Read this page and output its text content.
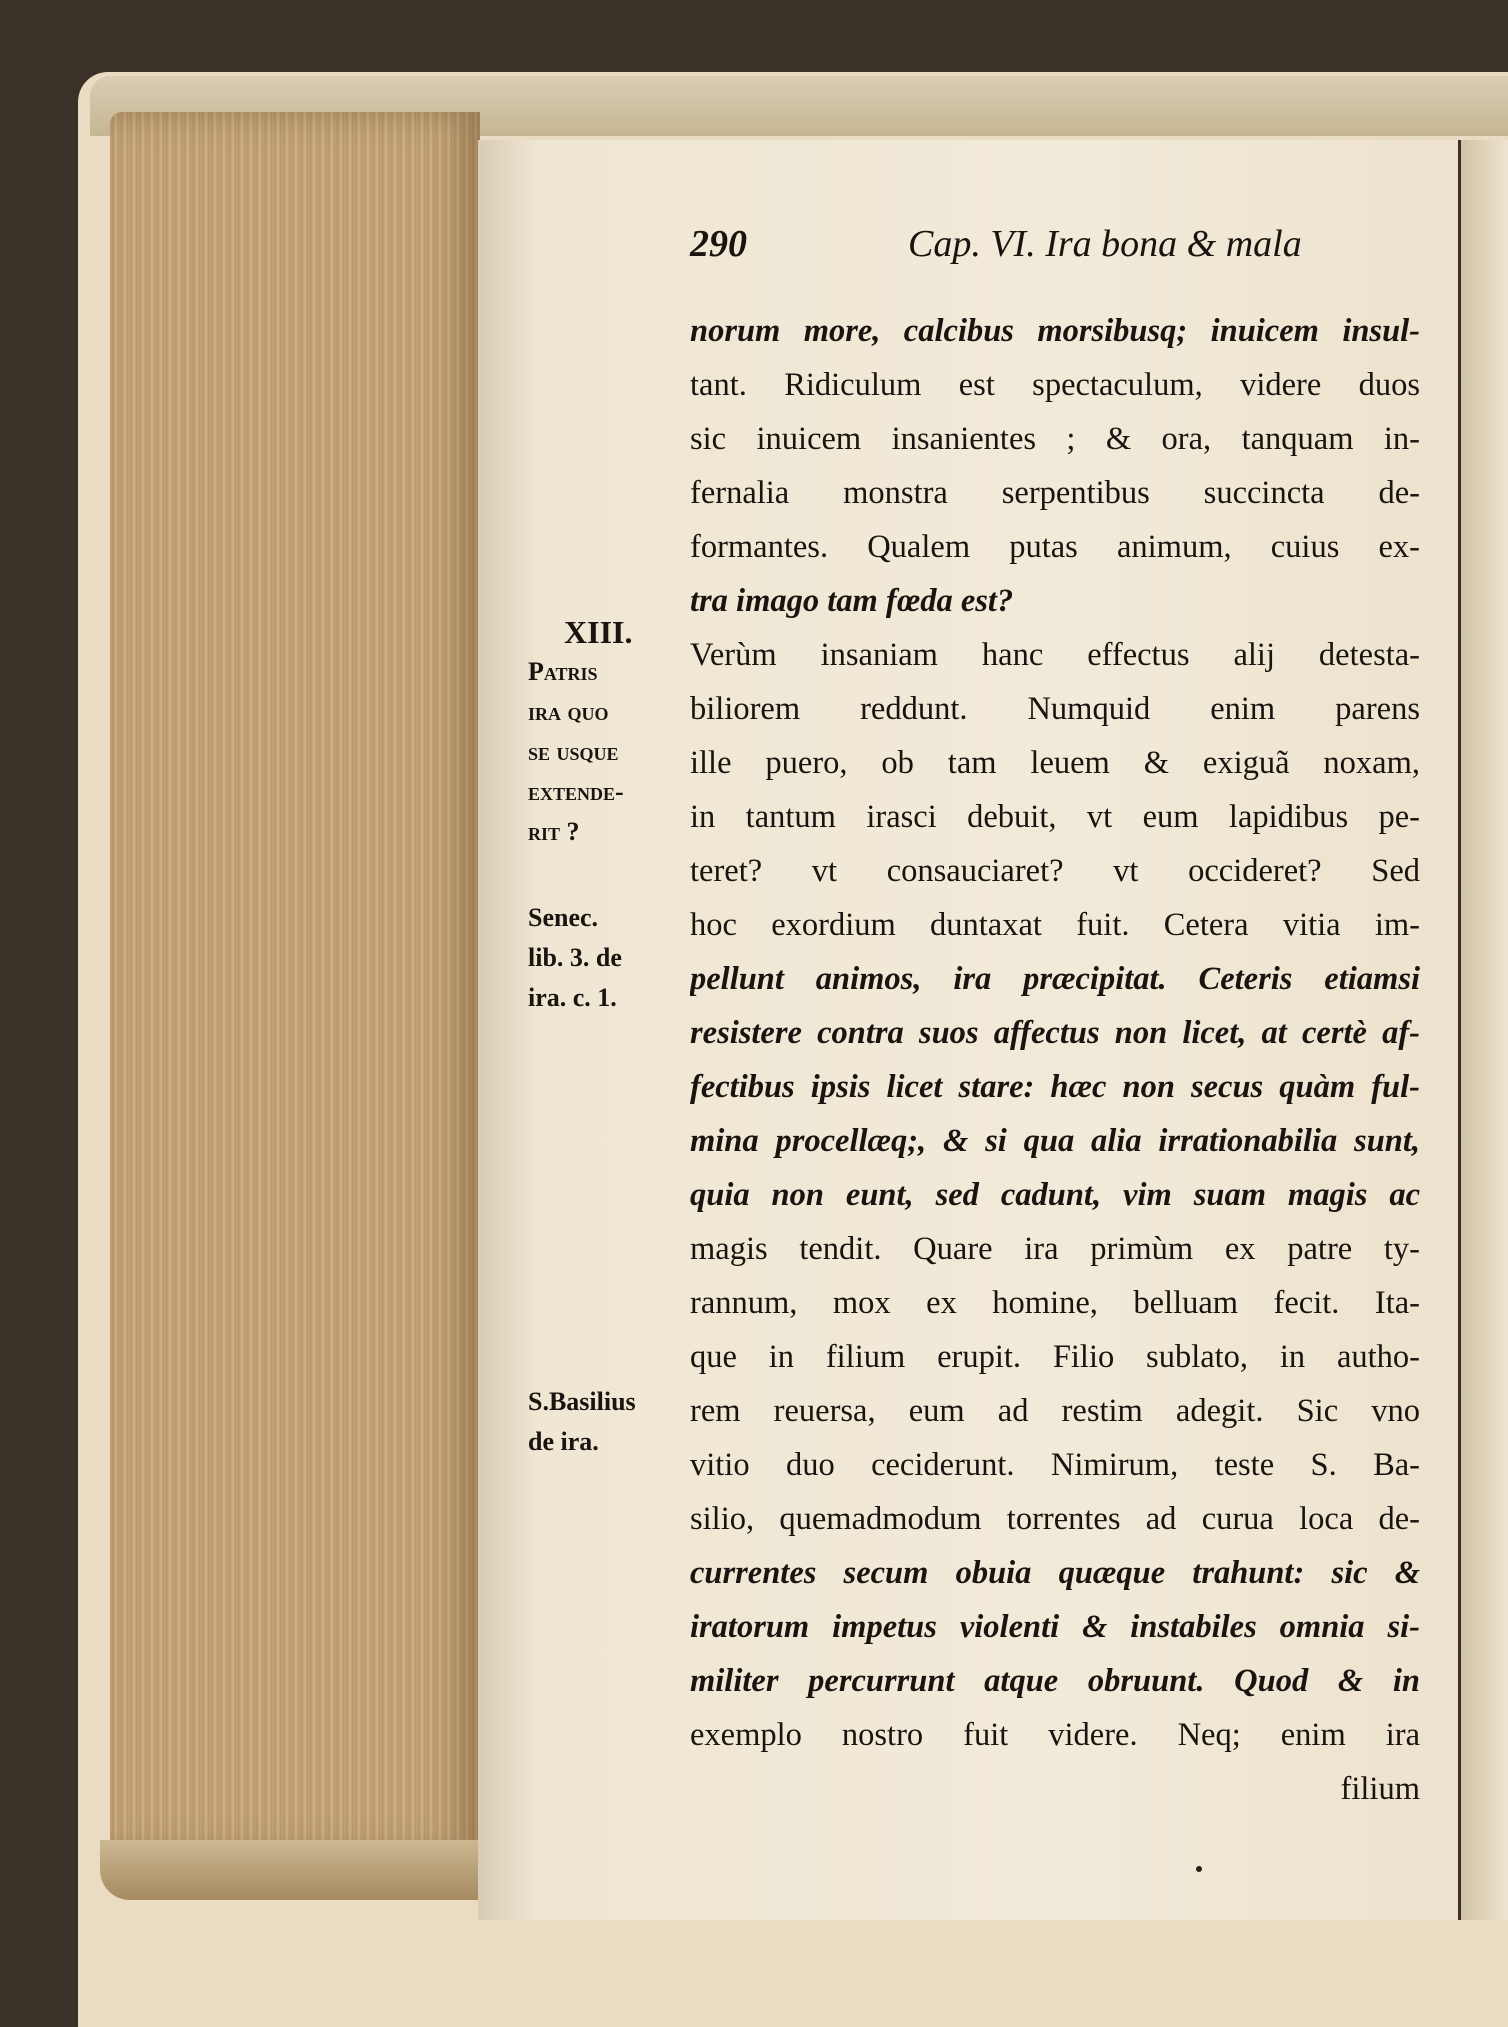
290	Cap. VI. Ira bona & mala
XIII.
Patris
ira quo
se usque
extende-
rit ?
Senec.
lib. 3. de
ira. c. 1.
S.Basilius
de ira.
norum more, calcibus morsibusq; inuicem insul-
tant. Ridiculum est spectaculum, videre duos
sic inuicem insanientes ; & ora, tanquam in-
fernalia monstra serpentibus succincta de-
formantes. Qualem putas animum, cuius ex-
tra imago tam fœda est?
Verùm insaniam hanc effectus alij detesta-
biliorem reddunt. Numquid enim parens
ille puero, ob tam leuem & exiguã noxam,
in tantum irasci debuit, vt eum lapidibus pe-
teret? vt consauciaret? vt occideret? Sed
hoc exordium duntaxat fuit. Cetera vitia im-
pellunt animos, ira præcipitat. Ceteris etiamsi
resistere contra suos affectus non licet, at certè af-
fectibus ipsis licet stare: hæc non secus quàm ful-
mina procellæq;, & si qua alia irrationabilia sunt,
quia non eunt, sed cadunt, vim suam magis ac
magis tendit. Quare ira primùm ex patre ty-
rannum, mox ex homine, belluam fecit. Ita-
que in filium erupit. Filio sublato, in autho-
rem reuersa, eum ad restim adegit. Sic vno
vitio duo ceciderunt. Nimirum, teste S. Ba-
silio, quemadmodum torrentes ad curua loca de-
currentes secum obuia quæque trahunt: sic &
iratorum impetus violenti & instabiles omnia si-
militer percurrunt atque obruunt. Quod & in
exemplo nostro fuit videre. Neq; enim ira
filium
